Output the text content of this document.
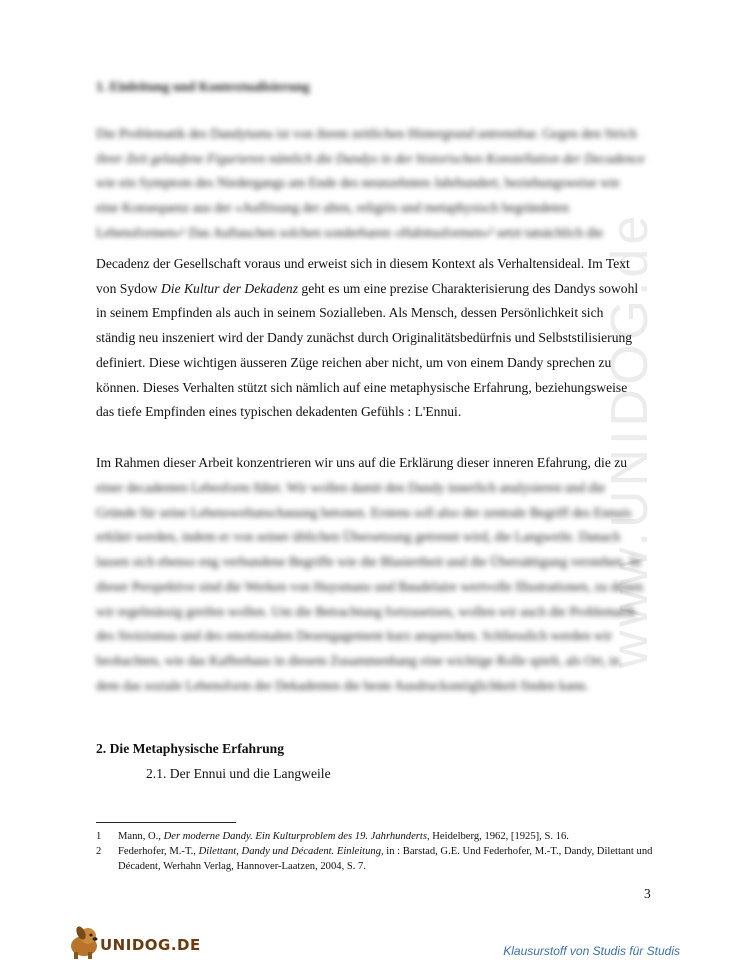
www.UNIDOG.de
1. Einleitung und Kontextualisierung

Die Problematik des Dandytums ist von ihrem zeitlichen Hintergrund untrennbar. Gegen den Strich

ihrer Zeit gelaufene Figurieren nämlich die Dandys in der historischen Konstellation der Decadence

wie ein Symptom des Niedergangs am Ende des neunzehnten Jahrhundert, beziehungsweise wie

eine Konsequenz aus der «Auflösung der alten, religiös und metaphysisch begründeten

Lebensformen»¹ Das Auftauchen solchen sonderbaren «Habitusformen»² setzt tatsächlich die

Decadenz der Gesellschaft voraus und erweist sich in diesem Kontext als Verhaltensideal. Im Text

von Sydow Die Kultur der Dekadenz geht es um eine prezise Charakterisierung des Dandys sowohl

in seinem Empfinden als auch in seinem Sozialleben. Als Mensch, dessen Persönlichkeit sich

ständig neu inszeniert wird der Dandy zunächst durch Originalitätsbedürfnis und Selbststilisierung

definiert. Diese wichtigen äusseren Züge reichen aber nicht, um von einem Dandy sprechen zu

können. Dieses Verhalten stützt sich nämlich auf eine metaphysische Erfahrung, beziehungsweise

das tiefe Empfinden eines typischen dekadenten Gefühls : L'Ennui.

Im Rahmen dieser Arbeit konzentrieren wir uns auf die Erklärung dieser inneren Efahrung, die zu

einer decadenten Lebesform führt. Wir wollen damit den Dandy innerlich analysieren und die

Gründe für seine Lebensweltanschauung betonen. Erstens soll also der zentrale Begriff des Ennuis

erklärt werden, indem er von seiner üblichen Übersetzung getrennt wird, die Langweile. Danach

lassen sich ebenso eng verbundene Begriffe wie die Blasiertheit und die Übersättigung verstehen. In

dieser Perspektive sind die Werken von Huysmans und Baudelaire wertvolle Illustrationen, zu denen

wir regelmässig greifen wollen. Um die Betrachtung fortzusetzen, wollen wir auch die Problematik

des Stoizismus und des emotionalen Desengagement kurz ansprechen. Schliesslich werden wir

beobachten, wie das Kaffeehaus in diesem Zusammenhang eine wichtige Rolle spielt, als Ort, in

dem das soziale Lebensform der Dekadenten die beste Ausdrucksmöglichkeit finden kann.

2. Die Metaphysische Erfahrung
2.1. Der Ennui und die Langweile
1	Mann, O., Der moderne Dandy. Ein Kulturproblem des 19. Jahrhunderts, Heidelberg, 1962, [1925], S. 16.
2	Federhofer, M.-T., Dilettant, Dandy und Décadent. Einleitung, in : Barstad, G.E. Und Federhofer, M.-T., Dandy, Dilettant und Décadent, Werhahn Verlag, Hannover-Laatzen, 2004, S. 7.
3
UNIDOG.DE	Klausurstoff von Studis für Studis
